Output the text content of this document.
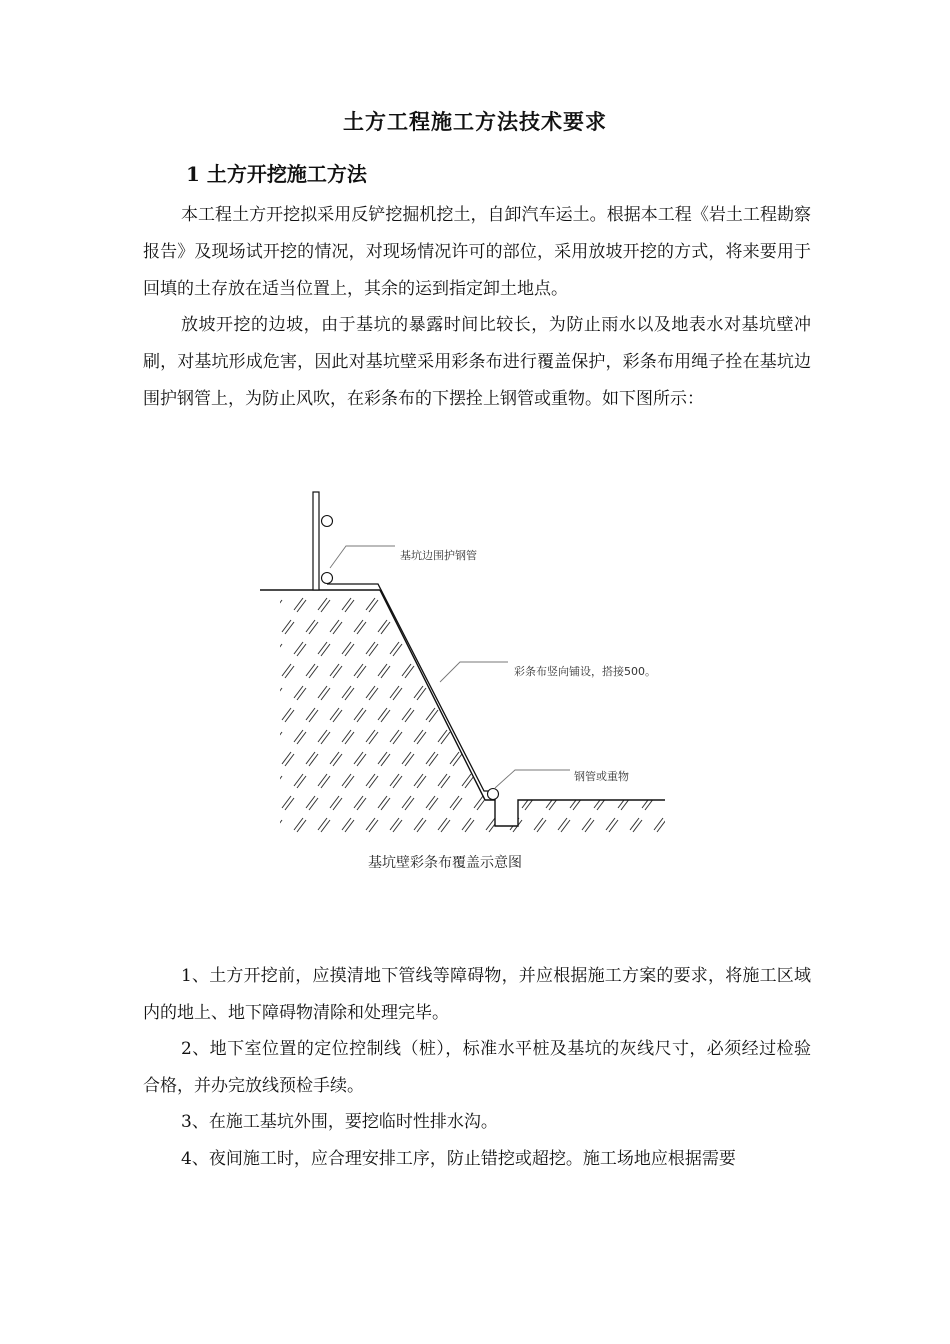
土方工程施工方法技术要求
1 土方开挖施工方法

本工程土方开挖拟采用反铲挖掘机挖土，自卸汽车运土。根据本工程《岩土工程勘察报告》及现场试开挖的情况，对现场情况许可的部位，采用放坡开挖的方式，将来要用于回填的土存放在适当位置上，其余的运到指定卸土地点。

放坡开挖的边坡，由于基坑的暴露时间比较长，为防止雨水以及地表水对基坑壁冲刷，对基坑形成危害，因此对基坑壁采用彩条布进行覆盖保护，彩条布用绳子拴在基坑边围护钢管上，为防止风吹，在彩条布的下摆拴上钢管或重物。如下图所示：

基坑边围护钢管
彩条布竖向铺设，搭接500。
钢管或重物
基坑壁彩条布覆盖示意图

1、土方开挖前，应摸清地下管线等障碍物，并应根据施工方案的要求，将施工区域内的地上、地下障碍物清除和处理完毕。

2、地下室位置的定位控制线（桩），标准水平桩及基坑的灰线尺寸，必须经过检验合格，并办完放线预检手续。

3、在施工基坑外围，要挖临时性排水沟。

4、夜间施工时，应合理安排工序，防止错挖或超挖。施工场地应根据需要
